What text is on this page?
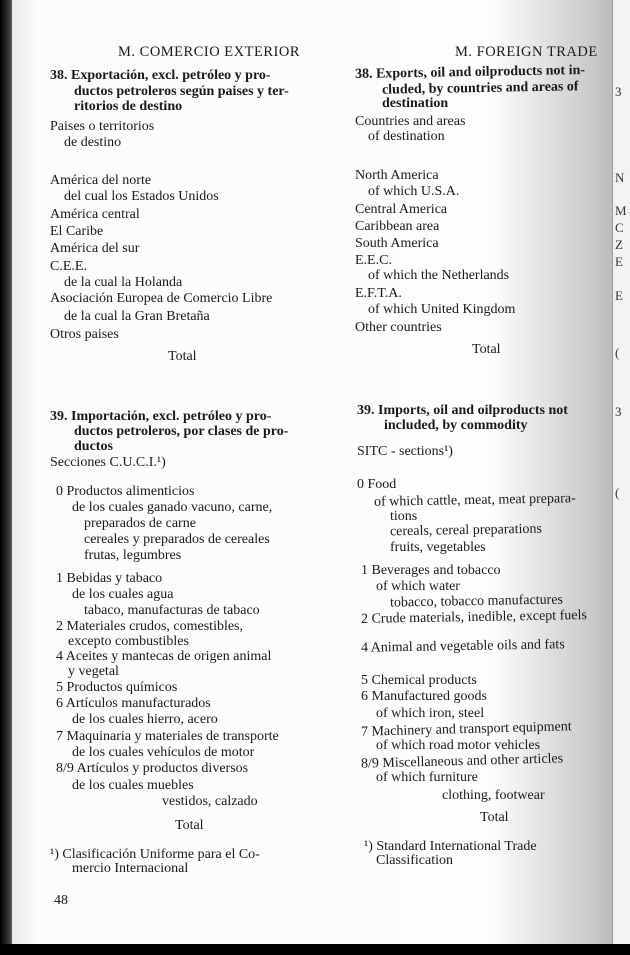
M. COMERCIO EXTERIOR	M. FOREIGN TRADE
38. Exportación, excl. petróleo y pro-
ductos petroleros según paises y ter-
ritorios de destino
Paises o territorios
de destino
América del norte
del cual los Estados Unidos
América central
El Caribe
América del sur
C.E.E.
de la cual la Holanda
Asociación Europea de Comercio Libre
de la cual la Gran Bretaña
Otros paises
Total
38. Exports, oil and oilproducts not in-
cluded, by countries and areas of
destination
Countries and areas
of destination
North America
of which U.S.A.
Central America
Caribbean area
South America
E.E.C.
of which the Netherlands
E.F.T.A.
of which United Kingdom
Other countries
Total
39. Importación, excl. petróleo y pro-
ductos petroleros, por clases de pro-
ductos
Secciones C.U.C.I.¹)
0 Productos alimenticios
de los cuales ganado vacuno, carne,
preparados de carne
cereales y preparados de cereales
frutas, legumbres
1 Bebidas y tabaco
de los cuales agua
tabaco, manufacturas de tabaco
2 Materiales crudos, comestibles,
excepto combustibles
4 Aceites y mantecas de origen animal
y vegetal
5 Productos químicos
6 Artículos manufacturados
de los cuales hierro, acero
7 Maquinaria y materiales de transporte
de los cuales vehículos de motor
8/9 Artículos y productos diversos
de los cuales muebles
vestidos, calzado
Total
¹) Clasificación Uniforme para el Co-
mercio Internacional
39. Imports, oil and oilproducts not
included, by commodity
SITC - sections¹)
0 Food
of which cattle, meat, meat prepara-
tions
cereals, cereal preparations
fruits, vegetables
1 Beverages and tobacco
of which water
tobacco, tobacco manufactures
2 Crude materials, inedible, except fuels
4 Animal and vegetable oils and fats
5 Chemical products
6 Manufactured goods
of which iron, steel
7 Machinery and transport equipment
of which road motor vehicles
8/9 Miscellaneous and other articles
of which furniture
clothing, footwear
Total
¹) Standard International Trade
Classification
48
3
N
M
C
Z
E
E
(
3
(
